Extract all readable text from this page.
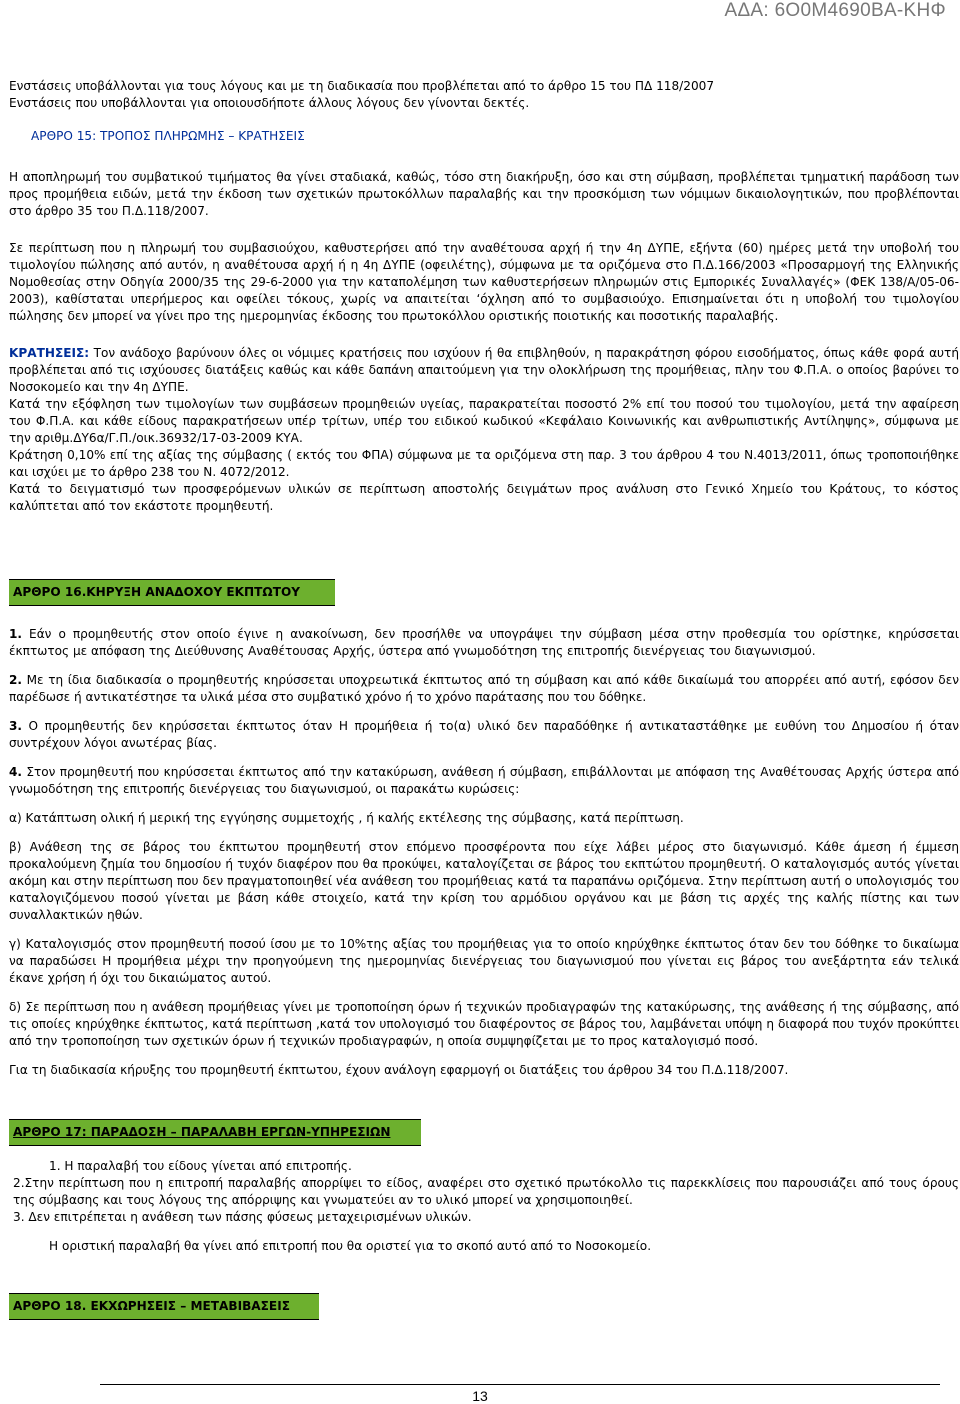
ΑΔΑ: 6Ο0Μ4690ΒΑ-ΚΗΦ

Ενστάσεις υποβάλλονται για τους λόγους και με τη διαδικασία που προβλέπεται από το άρθρο 15 του ΠΔ 118/2007

Ενστάσεις που υποβάλλονται για οποιουσδήποτε άλλους λόγους δεν γίνονται δεκτές.

ΑΡΘΡΟ 15: ΤΡΟΠΟΣ ΠΛΗΡΩΜΗΣ – ΚΡΑΤΗΣΕΙΣ

Η αποπληρωμή του συμβατικού τιμήματος θα γίνει σταδιακά, καθώς, τόσο στη διακήρυξη, όσο και στη σύμβαση, προβλέπεται τμηματική παράδοση των προς προμήθεια ειδών, μετά την έκδοση των σχετικών πρωτοκόλλων παραλαβής και την προσκόμιση των νόμιμων δικαιολογητικών, που προβλέπονται στο άρθρο 35 του Π.Δ.118/2007.

Σε περίπτωση που η πληρωμή του συμβασιούχου, καθυστερήσει από την αναθέτουσα αρχή ή την 4η ΔΥΠΕ, εξήντα (60) ημέρες μετά την υποβολή του τιμολογίου πώλησης από αυτόν, η αναθέτουσα αρχή ή η 4η ΔΥΠΕ (οφειλέτης), σύμφωνα με τα οριζόμενα στο Π.Δ.166/2003 «Προσαρμογή της Ελληνικής Νομοθεσίας στην Οδηγία 2000/35 της 29-6-2000 για την καταπολέμηση των καθυστερήσεων πληρωμών στις Εμπορικές Συναλλαγές» (ΦΕΚ 138/Α/05-06-2003), καθίσταται υπερήμερος και οφείλει τόκους, χωρίς να απαιτείται ‘όχληση από το συμβασιούχο. Επισημαίνεται ότι η υποβολή του τιμολογίου πώλησης δεν μπορεί να γίνει προ της ημερομηνίας έκδοσης του πρωτοκόλλου οριστικής ποιοτικής και ποσοτικής παραλαβής.

ΚΡΑΤΗΣΕΙΣ: Τον ανάδοχο βαρύνουν όλες οι νόμιμες κρατήσεις που ισχύουν ή θα επιβληθούν, η παρακράτηση φόρου εισοδήματος, όπως κάθε φορά αυτή προβλέπεται από τις ισχύουσες διατάξεις καθώς και κάθε δαπάνη απαιτούμενη για την ολοκλήρωση της προμήθειας, πλην του Φ.Π.Α. ο οποίος βαρύνει το Νοσοκομείο και την 4η ΔΥΠΕ.

Κατά την εξόφληση των τιμολογίων των συμβάσεων προμηθειών υγείας, παρακρατείται ποσοστό 2% επί του ποσού του τιμολογίου, μετά την αφαίρεση του Φ.Π.Α. και κάθε είδους παρακρατήσεων υπέρ τρίτων, υπέρ του ειδικού κωδικού «Κεφάλαιο Κοινωνικής και ανθρωπιστικής Αντίληψης», σύμφωνα με την αριθμ.ΔΥ6α/Γ.Π./οικ.36932/17-03-2009 ΚΥΑ.

Κράτηση 0,10% επί της αξίας της σύμβασης ( εκτός του ΦΠΑ) σύμφωνα με τα οριζόμενα στη παρ. 3 του άρθρου 4 του Ν.4013/2011, όπως τροποποιήθηκε και ισχύει με το άρθρο 238 του Ν. 4072/2012.

Κατά το δειγματισμό των προσφερόμενων υλικών σε περίπτωση αποστολής δειγμάτων προς ανάλυση στο Γενικό Χημείο του Κράτους, το κόστος καλύπτεται από τον εκάστοτε προμηθευτή.

ΑΡΘΡΟ 16.ΚΗΡΥΞΗ ΑΝΑΔΟΧΟΥ ΕΚΠΤΩΤΟΥ

1. Εάν ο προμηθευτής στον οποίο έγινε η ανακοίνωση, δεν προσήλθε να υπογράψει την σύμβαση μέσα στην προθεσμία του ορίστηκε, κηρύσσεται έκπτωτος με απόφαση της Διεύθυνσης Αναθέτουσας Αρχής, ύστερα από γνωμοδότηση της επιτροπής διενέργειας του διαγωνισμού.

2. Με τη ίδια διαδικασία ο προμηθευτής κηρύσσεται υποχρεωτικά έκπτωτος από τη σύμβαση και από κάθε δικαίωμά του απορρέει από αυτή, εφόσον δεν παρέδωσε ή αντικατέστησε τα υλικά μέσα στο συμβατικό χρόνο ή το χρόνο παράτασης που του δόθηκε.

3. Ο προμηθευτής δεν κηρύσσεται έκπτωτος όταν Η προμήθεια ή το(α) υλικό δεν παραδόθηκε ή αντικαταστάθηκε με ευθύνη του Δημοσίου ή όταν συντρέχουν λόγοι ανωτέρας βίας.

4. Στον προμηθευτή που κηρύσσεται έκπτωτος από την κατακύρωση, ανάθεση ή σύμβαση, επιβάλλονται με απόφαση της Αναθέτουσας Αρχής ύστερα από γνωμοδότηση της επιτροπής διενέργειας του διαγωνισμού, οι παρακάτω κυρώσεις:

α) Κατάπτωση ολική ή μερική της εγγύησης συμμετοχής , ή καλής εκτέλεσης της σύμβασης, κατά περίπτωση.

β) Ανάθεση της σε βάρος του έκπτωτου προμηθευτή στον επόμενο προσφέροντα που είχε λάβει μέρος στο διαγωνισμό. Κάθε άμεση ή έμμεση προκαλούμενη ζημία του δημοσίου ή τυχόν διαφέρον που θα προκύψει, καταλογίζεται σε βάρος του εκπτώτου προμηθευτή. Ο καταλογισμός αυτός γίνεται ακόμη και στην περίπτωση που δεν πραγματοποιηθεί νέα ανάθεση του προμήθειας κατά τα παραπάνω οριζόμενα. Στην περίπτωση αυτή ο υπολογισμός του καταλογιζόμενου ποσού γίνεται με βάση κάθε στοιχείο, κατά την κρίση του αρμόδιου οργάνου και με βάση τις αρχές της καλής πίστης και των συναλλακτικών ηθών.

γ) Καταλογισμός στον προμηθευτή ποσού ίσου με το 10%της αξίας του προμήθειας για το οποίο κηρύχθηκε έκπτωτος όταν δεν του δόθηκε το δικαίωμα να παραδώσει Η προμήθεια μέχρι την προηγούμενη της ημερομηνίας διενέργειας του διαγωνισμού που γίνεται εις βάρος του ανεξάρτητα εάν τελικά έκανε χρήση ή όχι του δικαιώματος αυτού.

δ) Σε περίπτωση που η ανάθεση προμήθειας γίνει με τροποποίηση όρων ή τεχνικών προδιαγραφών της κατακύρωσης, της ανάθεσης ή της σύμβασης, από τις οποίες κηρύχθηκε έκπτωτος, κατά περίπτωση ,κατά τον υπολογισμό του διαφέροντος σε βάρος του, λαμβάνεται υπόψη η διαφορά που τυχόν προκύπτει από την τροποποίηση των σχετικών όρων ή τεχνικών προδιαγραφών, η οποία συμψηφίζεται με το προς καταλογισμό ποσό.

Για τη διαδικασία κήρυξης του προμηθευτή έκπτωτου, έχουν ανάλογη εφαρμογή οι διατάξεις του άρθρου 34 του Π.Δ.118/2007.

ΑΡΘΡΟ 17: ΠΑΡΑΔΟΣΗ – ΠΑΡΑΛΑΒΗ ΕΡΓΩΝ-ΥΠΗΡΕΣΙΩΝ

1. Η παραλαβή του είδους γίνεται από επιτροπής.

2.Στην περίπτωση που η επιτροπή παραλαβής απορρίψει το είδος, αναφέρει στο σχετικό πρωτόκολλο τις παρεκκλίσεις που παρουσιάζει από τους όρους της σύμβασης και τους λόγους της απόρριψης και γνωματεύει αν το υλικό μπορεί να χρησιμοποιηθεί.

3. Δεν επιτρέπεται η ανάθεση των πάσης φύσεως μεταχειρισμένων υλικών.

Η οριστική παραλαβή θα γίνει από επιτροπή που θα οριστεί για το σκοπό αυτό από το Νοσοκομείο.

ΑΡΘΡΟ 18. ΕΚΧΩΡΗΣΕΙΣ – ΜΕΤΑΒΙΒΑΣΕΙΣ
13
